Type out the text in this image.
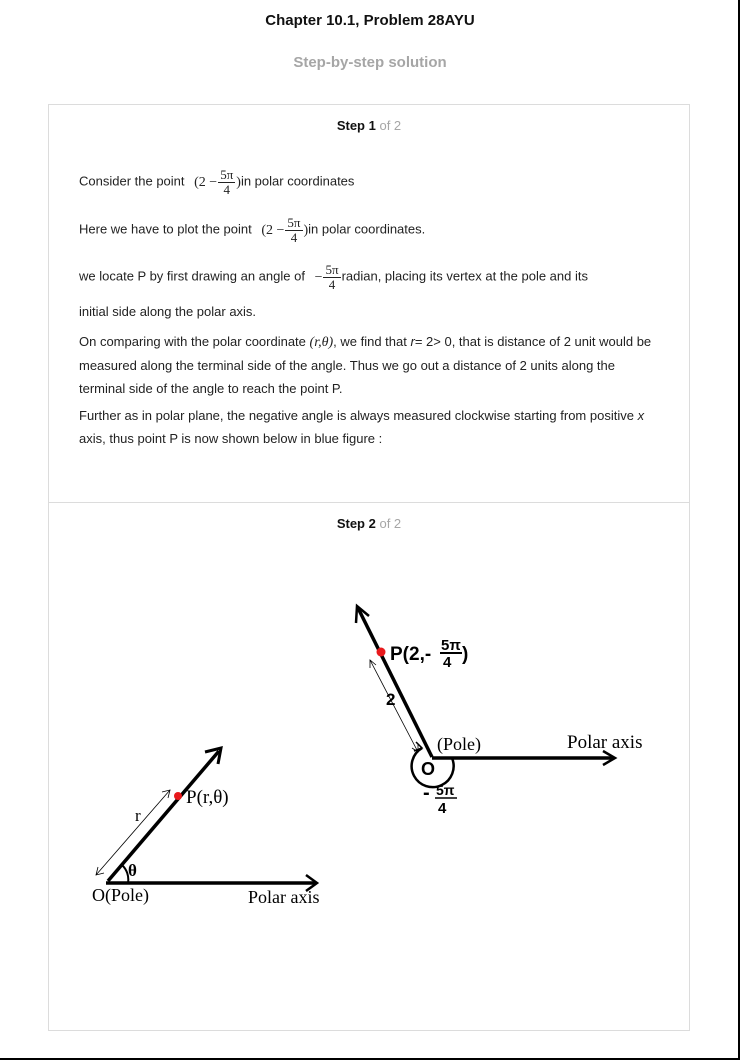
Chapter 10.1, Problem 28AYU
Step-by-step solution
Step 1 of 2
Consider the point $(2 - \frac{5\pi}{4} )in$ polar coordinates
Here we have to plot the point $(2 - \frac{5\pi}{4} )in$ polar coordinates.
we locate P by first drawing an angle of − $\frac{5\pi}{4}$ radian, placing its vertex at the pole and its
initial side along the polar axis.
On comparing with the polar coordinate (r,θ), we find that r= 2> 0, that is distance of 2 unit would be measured along the terminal side of the angle. Thus we go out a distance of 2 units along the terminal side of the angle to reach the point P.
Further as in polar plane, the negative angle is always measured clockwise starting from positive x axis, thus point P is now shown below in blue figure :
Step 2 of 2
P(r,θ)
r
θ
O(Pole)	Polar axis
P(2,- 5π
4 )
2
(Pole)
O
Polar axis
- 5π
4
